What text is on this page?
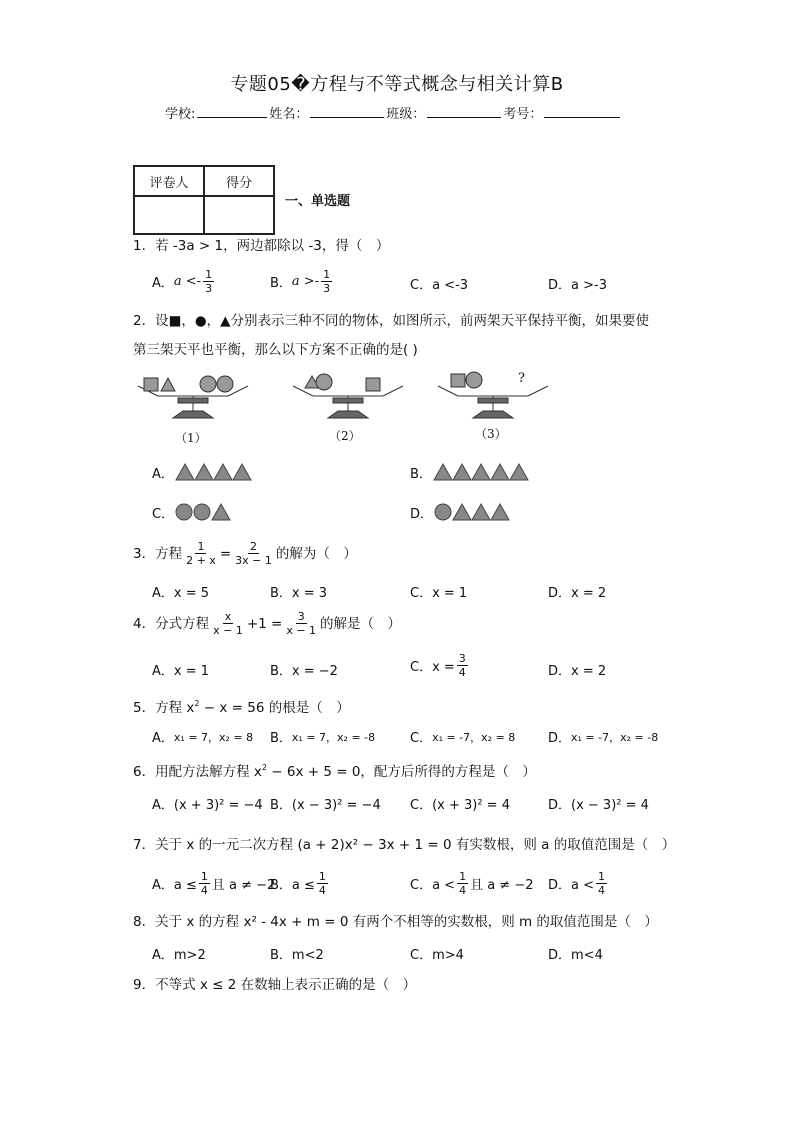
专题05�方程与不等式概念与相关计算B
学校:	姓名：	班级：	考号：
评卷人	得分

一、单选题
1．若 -3a > 1，两边都除以 -3，得（　）
A． $a <- \frac{1}{3}$	B． $a >- \frac{1}{3}$	C．a <-3	D．a >-3
2．设■，●，▲分别表示三种不同的物体，如图所示，前两架天平保持平衡，如果要使
第三架天平也平衡，那么以下方案不正确的是( )
?
（1）	（2）	（3）
A．	B．
C．	D．
3．方程 $\frac{1}{2 + x} = \frac{2}{3x - 1}$ 的解为（　）
A．x = 5	B．x = 3	C．x = 1	D．x = 2
4．分式方程 $\frac{x}{x - 1} +1 = \frac{3}{x - 1}$ 的解是（　）
A．x = 1	B．x = −2	C．$x = \frac{3}{4}$	D．x = 2
5．方程 $x^2 - x = 56$ 的根是（　）
A． x₁ = 7，x₂ = 8 B． x₁ = 7，x₂ = -8	C． x₁ = -7，x₂ = 8	D． x₁ = -7，x₂ = -8
6．用配方法解方程 $x^2 - 6x + 5 = 0$，配方后所得的方程是（　）
A．(x + 3)² = −4 B．(x − 3)² = −4 C．(x + 3)² = 4	D．(x − 3)² = 4
7．关于 x 的一元二次方程 (a + 2)x² − 3x + 1 = 0 有实数根，则 a 的取值范围是（　）
A．$a \le \frac{1}{4}$ 且 a ≠ −2
B．$a \le \frac{1}{4}$	C．$a < \frac{1}{4}$ 且 a ≠ −2 D．$a < \frac{1}{4}$
8．关于 x 的方程 x² - 4x + m = 0 有两个不相等的实数根，则 m 的取值范围是（　）
A．m>2	B．m<2	C．m>4	D．m<4
9．不等式 x ≤ 2 在数轴上表示正确的是（　）
